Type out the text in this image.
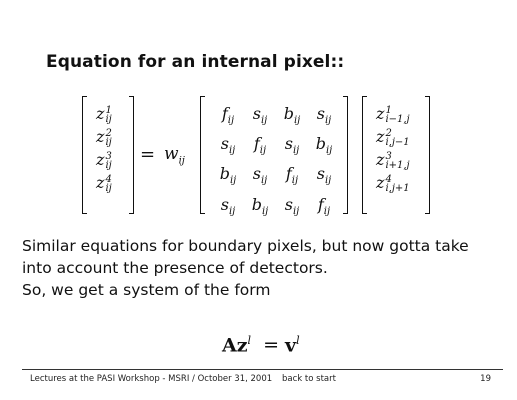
Equation for an internal pixel::
z 1
ij
z 2
ij
z 3
ij
z 4
ij
= $w_{ij}$
$f_{ij}$	$s_{ij}$	$b_{ij}$	$s_{ij}$
$s_{ij}$	$f_{ij}$	$s_{ij}$	$b_{ij}$
$b_{ij}$	$s_{ij}$	$f_{ij}$	$s_{ij}$
$s_{ij}$	$b_{ij}$	$s_{ij}$	$f_{ij}$
z 1
i−1,j
z 2
i,j−1
z 3
i+1,j
z 4
i,j+1
Similar equations for boundary pixels, but now gotta take
into account the presence of detectors.
So, we get a system of the form
$Az^l = v^l$
Lectures at the PASI Workshop - MSRI / October 31, 2001 back to start	19
